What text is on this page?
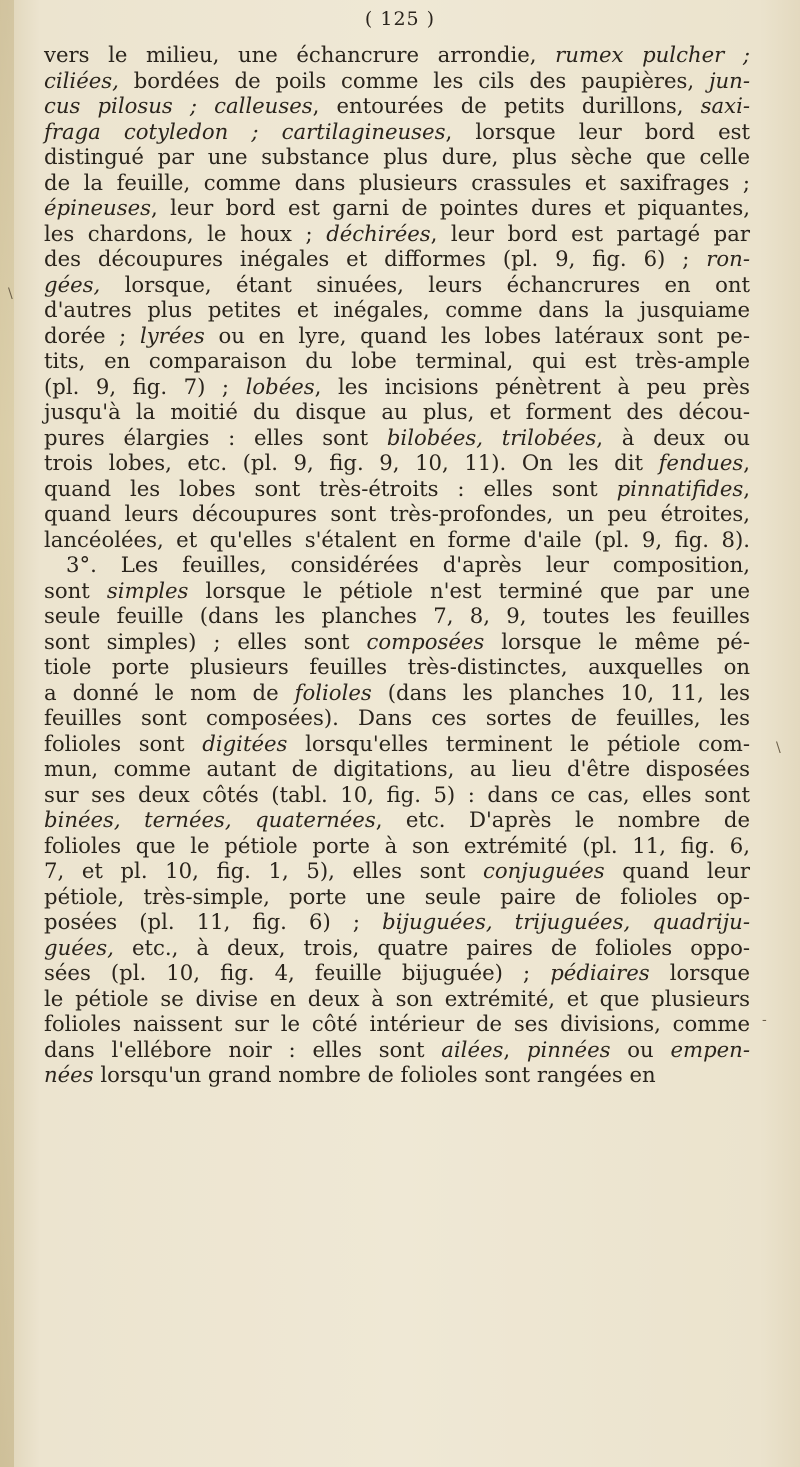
( 125 )
\
\
-
vers le milieu, une échancrure arrondie, rumex pulcher ;
ciliées, bordées de poils comme les cils des paupières, jun-
cus pilosus ; calleuses, entourées de petits durillons, saxi-
fraga cotyledon ; cartilagineuses, lorsque leur bord est
distingué par une substance plus dure, plus sèche que celle
de la feuille, comme dans plusieurs crassules et saxifrages ;
épineuses, leur bord est garni de pointes dures et piquantes,
les chardons, le houx ; déchirées, leur bord est partagé par
des découpures inégales et difformes (pl. 9, fig. 6) ; ron-
gées, lorsque, étant sinuées, leurs échancrures en ont
d'autres plus petites et inégales, comme dans la jusquiame
dorée ; lyrées ou en lyre, quand les lobes latéraux sont pe-
tits, en comparaison du lobe terminal, qui est très-ample
(pl. 9, fig. 7) ; lobées, les incisions pénètrent à peu près
jusqu'à la moitié du disque au plus, et forment des décou-
pures élargies : elles sont bilobées, trilobées, à deux ou
trois lobes, etc. (pl. 9, fig. 9, 10, 11). On les dit fendues,
quand les lobes sont très-étroits : elles sont pinnatifides,
quand leurs découpures sont très-profondes, un peu étroites,
lancéolées, et qu'elles s'étalent en forme d'aile (pl. 9, fig. 8).
3°. Les feuilles, considérées d'après leur composition,
sont simples lorsque le pétiole n'est terminé que par une
seule feuille (dans les planches 7, 8, 9, toutes les feuilles
sont simples) ; elles sont composées lorsque le même pé-
tiole porte plusieurs feuilles très-distinctes, auxquelles on
a donné le nom de folioles (dans les planches 10, 11, les
feuilles sont composées). Dans ces sortes de feuilles, les
folioles sont digitées lorsqu'elles terminent le pétiole com-
mun, comme autant de digitations, au lieu d'être disposées
sur ses deux côtés (tabl. 10, fig. 5) : dans ce cas, elles sont
binées, ternées, quaternées, etc. D'après le nombre de
folioles que le pétiole porte à son extrémité (pl. 11, fig. 6,
7, et pl. 10, fig. 1, 5), elles sont conjuguées quand leur
pétiole, très-simple, porte une seule paire de folioles op-
posées (pl. 11, fig. 6) ; bijuguées, trijuguées, quadriju-
guées, etc., à deux, trois, quatre paires de folioles oppo-
sées (pl. 10, fig. 4, feuille bijuguée) ; pédiaires lorsque
le pétiole se divise en deux à son extrémité, et que plusieurs
folioles naissent sur le côté intérieur de ses divisions, comme
dans l'ellébore noir : elles sont ailées, pinnées ou empen-
nées lorsqu'un grand nombre de folioles sont rangées en
